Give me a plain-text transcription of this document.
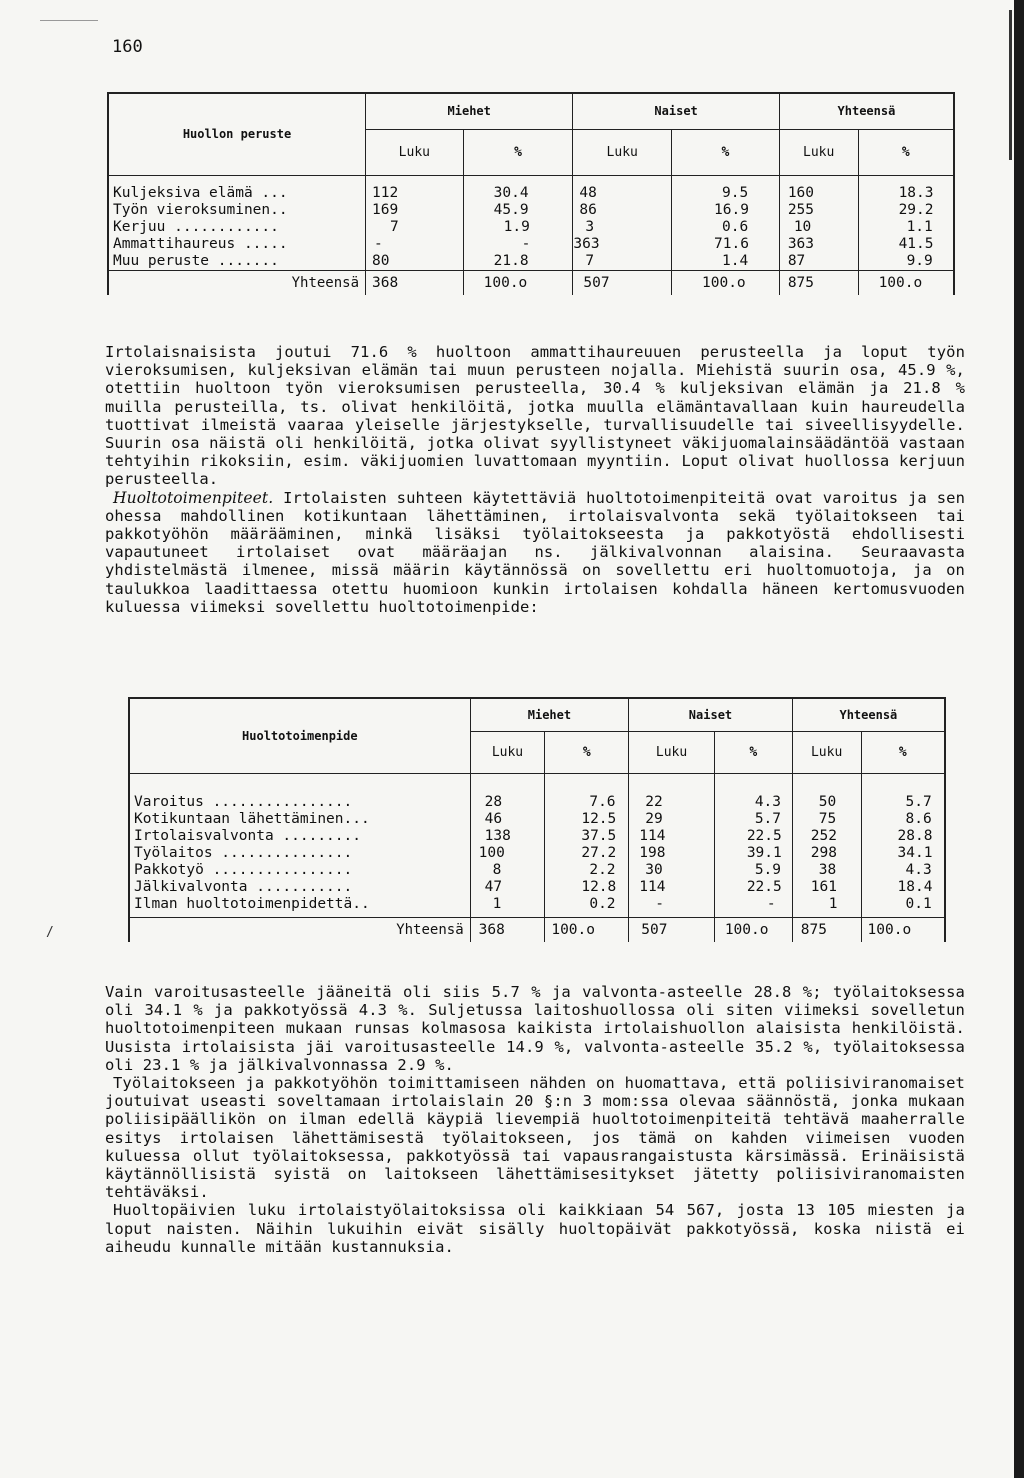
160
/
Huollon peruste	Miehet		Naiset		Yhteensä	
	Luku	%	Luku	%	Luku	%

Kuljeksiva elämä ...	112	30.4	48	9.5	160	18.3
Työn vieroksuminen..	169	45.9	86	16.9	255	29.2
Kerjuu ............	7	1.9	3	0.6	10	1.1
Ammattihaureus .....	-	-	363	71.6	363	41.5
Muu peruste .......	80	21.8	7	1.4	87	9.9
Yhteensä	368	100.o	507	100.o	875	100.o

Irtolaisnaisista joutui 71.6 % huoltoon ammattihaureuuen perusteella ja loput työn vieroksumisen, kuljeksivan elämän tai muun perusteen nojalla. Miehistä suurin osa, 45.9 %, otettiin huoltoon työn vieroksumisen perusteella, 30.4 % kuljeksivan elämän ja 21.8 % muilla perusteilla, ts. olivat henkilöitä, jotka muulla elämäntavallaan kuin haureudella tuottivat ilmeistä vaaraa yleiselle järjestykselle, turvallisuudelle tai siveellisyydelle. Suurin osa näistä oli henkilöitä, jotka olivat syyllistyneet väkijuomalainsäädäntöä vastaan tehtyihin rikoksiin, esim. väkijuomien luvattomaan myyntiin. Loput olivat huollossa kerjuun perusteella.

Huoltotoimenpiteet. Irtolaisten suhteen käytettäviä huoltotoimenpiteitä ovat varoitus ja sen ohessa mahdollinen kotikuntaan lähettäminen, irtolaisvalvonta sekä työlaitokseen tai pakkotyöhön määrääminen, minkä lisäksi työlaitokseesta ja pakkotyöstä ehdollisesti vapautuneet irtolaiset ovat määräajan ns. jälkivalvonnan alaisina. Seuraavasta yhdistelmästä ilmenee, missä määrin käytännössä on sovellettu eri huoltomuotoja, ja on taulukkoa laadittaessa otettu huomioon kunkin irtolaisen kohdalla häneen kertomusvuoden kuluessa viimeksi sovellettu huoltotoimenpide:

Huoltotoimenpide	Miehet		Naiset		Yhteensä	
	Luku	%	Luku	%	Luku	%

Varoitus ................	28	7.6	22	4.3	50	5.7
Kotikuntaan lähettäminen...	46	12.5	29	5.7	75	8.6
Irtolaisvalvonta .........	138	37.5	114	22.5	252	28.8
Työlaitos ...............	100	27.2	198	39.1	298	34.1
Pakkotyö ................	8	2.2	30	5.9	38	4.3
Jälkivalvonta ...........	47	12.8	114	22.5	161	18.4
Ilman huoltotoimenpidettä..	1	0.2	-	-	1	0.1
Yhteensä	368	100.o	507	100.o	875	100.o

Vain varoitusasteelle jääneitä oli siis 5.7 % ja valvonta-asteelle 28.8 %; työlaitoksessa oli 34.1 % ja pakkotyössä 4.3 %. Suljetussa laitoshuollossa oli siten viimeksi sovelletun huoltotoimenpiteen mukaan runsas kolmasosa kaikista irtolaishuollon alaisista henkilöistä. Uusista irtolaisista jäi varoitusasteelle 14.9 %, valvonta-asteelle 35.2 %, työlaitoksessa oli 23.1 % ja jälkivalvonnassa 2.9 %.

Työlaitokseen ja pakkotyöhön toimittamiseen nähden on huomattava, että poliisiviranomaiset joutuivat useasti soveltamaan irtolaislain 20 §:n 3 mom:ssa olevaa säännöstä, jonka mukaan poliisipäällikön on ilman edellä käypiä lievempiä huoltotoimenpiteitä tehtävä maaherralle esitys irtolaisen lähettämisestä työlaitokseen, jos tämä on kahden viimeisen vuoden kuluessa ollut työlaitoksessa, pakkotyössä tai vapausrangaistusta kärsimässä. Erinäisistä käytännöllisistä syistä on laitokseen lähettämisesitykset jätetty poliisiviranomaisten tehtäväksi.

Huoltopäivien luku irtolaistyölaitoksissa oli kaikkiaan 54 567, josta 13 105 miesten ja loput naisten. Näihin lukuihin eivät sisälly huoltopäivät pakkotyössä, koska niistä ei aiheudu kunnalle mitään kustannuksia.
